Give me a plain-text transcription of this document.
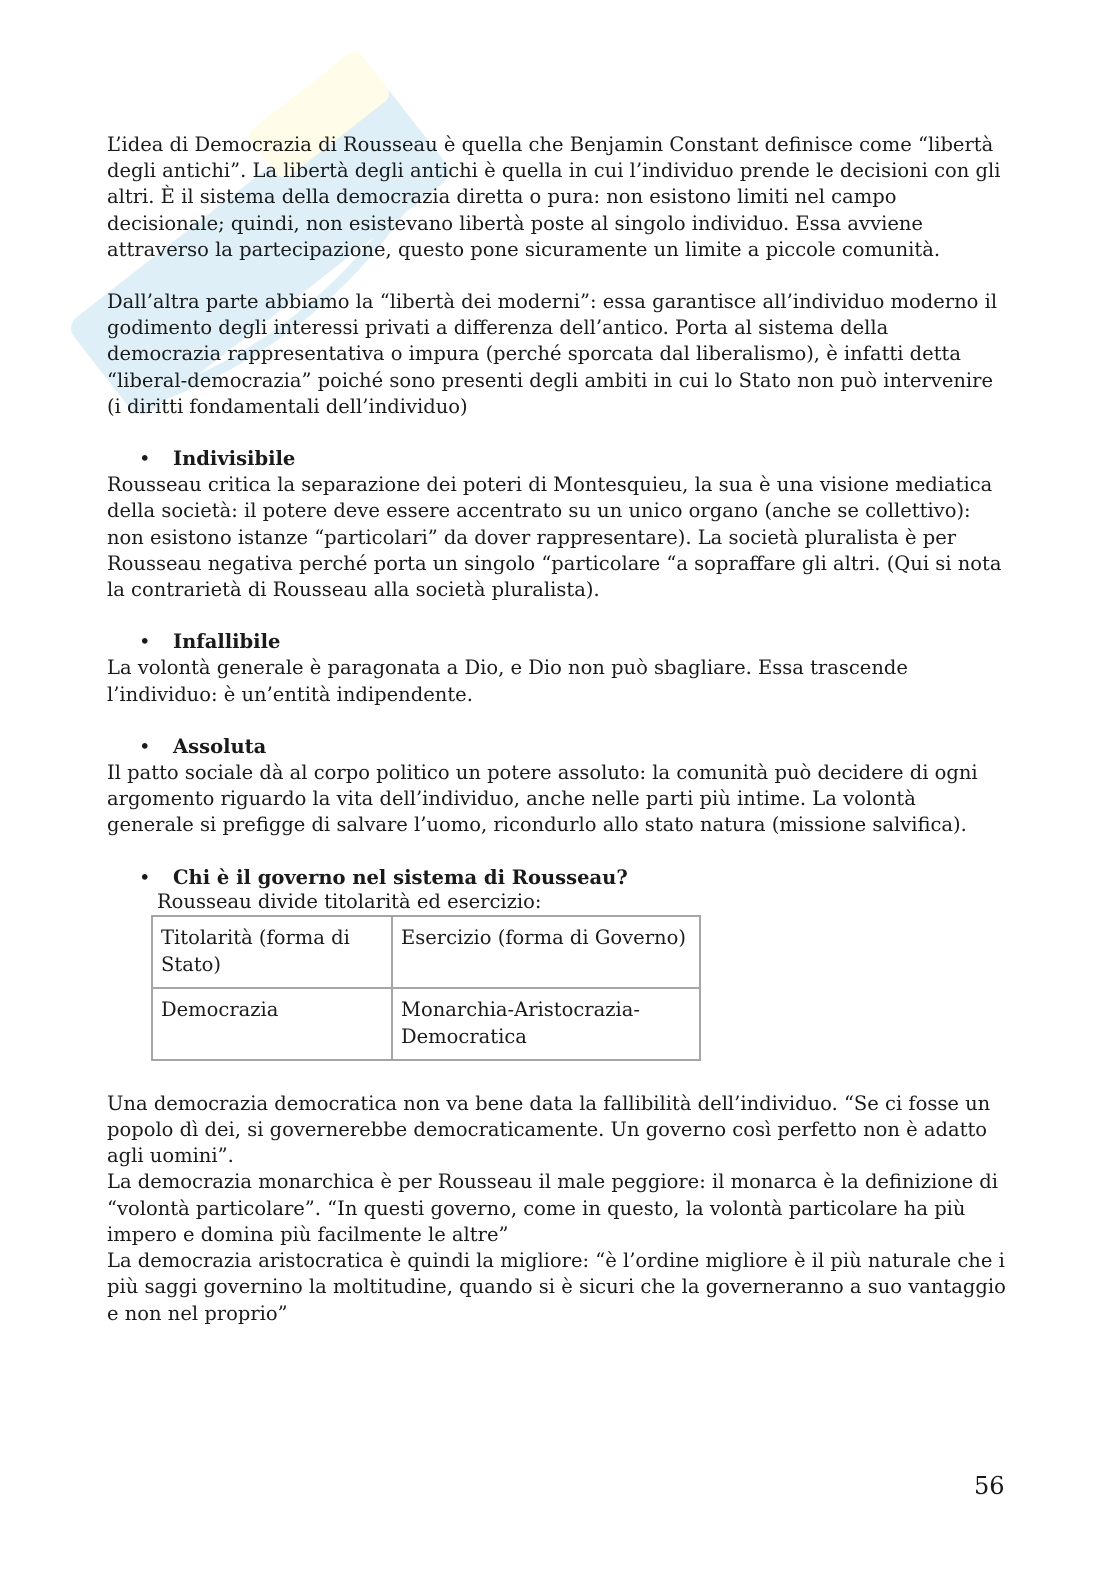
L’idea di Democrazia di Rousseau è quella che Benjamin Constant definisce come “libertà degli antichi”. La libertà degli antichi è quella in cui l’individuo prende le decisioni con gli altri. È il sistema della democrazia diretta o pura: non esistono limiti nel campo decisionale; quindi, non esistevano libertà poste al singolo individuo. Essa avviene attraverso la partecipazione, questo pone sicuramente un limite a piccole comunità.

Dall’altra parte abbiamo la “libertà dei moderni”: essa garantisce all’individuo moderno il godimento degli interessi privati a differenza dell’antico. Porta al sistema della democrazia rappresentativa o impura (perché sporcata dal liberalismo), è infatti detta “liberal-democrazia” poiché sono presenti degli ambiti in cui lo Stato non può intervenire (i diritti fondamentali dell’individuo)

• Indivisibile

Rousseau critica la separazione dei poteri di Montesquieu, la sua è una visione mediatica della società: il potere deve essere accentrato su un unico organo (anche se collettivo): non esistono istanze “particolari” da dover rappresentare). La società pluralista è per Rousseau negativa perché porta un singolo “particolare “a sopraffare gli altri. (Qui si nota la contrarietà di Rousseau alla società pluralista).

• Infallibile

La volontà generale è paragonata a Dio, e Dio non può sbagliare. Essa trascende l’individuo: è un’entità indipendente.

• Assoluta

Il patto sociale dà al corpo politico un potere assoluto: la comunità può decidere di ogni argomento riguardo la vita dell’individuo, anche nelle parti più intime. La volontà generale si prefigge di salvare l’uomo, ricondurlo allo stato natura (missione salvifica).

• Chi è il governo nel sistema di Rousseau?

Rousseau divide titolarità ed esercizio:

Titolarità (forma di Stato)	Esercizio (forma di Governo)
Democrazia	Monarchia-Aristocrazia-Democratica

Una democrazia democratica non va bene data la fallibilità dell’individuo. “Se ci fosse un popolo dì dei, si governerebbe democraticamente. Un governo così perfetto non è adatto agli uomini”.

La democrazia monarchica è per Rousseau il male peggiore: il monarca è la definizione di “volontà particolare”. “In questi governo, come in questo, la volontà particolare ha più impero e domina più facilmente le altre”

La democrazia aristocratica è quindi la migliore: “è l’ordine migliore è il più naturale che i più saggi governino la moltitudine, quando si è sicuri che la governeranno a suo vantaggio e non nel proprio”

56
